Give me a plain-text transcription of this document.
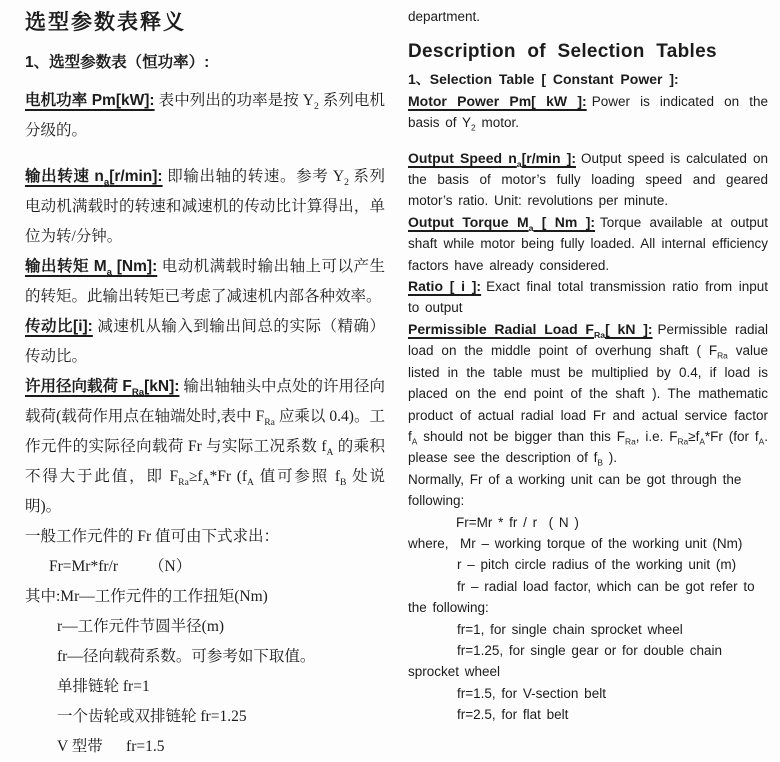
选型参数表释义
1、选型参数表（恒功率）:

电机功率 Pm[kW]: 表中列出的功率是按 $Y_2$ 系列电机分级的。

输出转速 $n_a[r/\min]$: 即输出轴的转速。参考 $Y_2$ 系列电动机满载时的转速和减速机的传动比计算得出，单位为转/分钟。

输出转矩 $M_a$ [Nm]: 电动机满载时输出轴上可以产生的转矩。此输出转矩已考虑了减速机内部各种效率。

传动比[i]: 减速机从输入到输出间总的实际（精确）传动比。

许用径向载荷 $F_{Ra}[kN]$: 输出轴轴头中点处的许用径向载荷(载荷作用点在轴端处时,表中 $F_{Ra}$ 应乘以 0.4)。工作元件的实际径向载荷 Fr 与实际工况系数 $f_A$ 的乘积不得大于此值，即 $F_{Ra}\ge f_A*Fr$ ($f_A$ 值可参照 $f_B$ 处说明)。

一般工作元件的 Fr 值可由下式求出：

Fr=Mr*fr/r        （N）

其中:Mr—工作元件的工作扭矩(Nm)

r—工作元件节圆半径(m)

fr—径向载荷系数。可参考如下取值。

单排链轮 fr=1

一个齿轮或双排链轮 fr=1.25

V 型带      fr=1.5

department.

Description of Selection Tables
1、Selection Table [ Constant Power ]:

Motor Power Pm[ kW ]: Power is indicated on the basis of $Y_2$ motor.

Output Speed $n_a[r/\min$ ]: Output speed is calculated on the basis of motor’s fully loading speed and geared motor’s ratio. Unit: revolutions per minute.

Output Torque $M_a$ [ Nm ]: Torque available at output shaft while motor being fully loaded. All internal efficiency factors have already considered.

Ratio [ i ]: Exact final total transmission ratio from input to output

Permissible Radial Load $F_{Ra}$[ kN ]: Permissible radial load on the middle point of overhung shaft ( $F_{Ra}$ value listed in the table must be multiplied by 0.4, if load is placed on the end point of the shaft ). The mathematic product of actual radial load Fr and actual service factor $f_A$ should not be bigger than this $F_{Ra}$, i.e. $F_{Ra}\ge f_A*Fr$ (for $f_A$. please see the description of $f_B$ ).

Normally, Fr of a working unit can be got through the following:

Fr=Mr * fr / r  ( N )

where,  Mr – working torque of the working unit (Nm)

r – pitch circle radius of the working unit (m)

fr – radial load factor, which can be got refer to the following:

fr=1, for single chain sprocket wheel

fr=1.25, for single gear or for double chain sprocket wheel

fr=1.5, for V-section belt

fr=2.5, for flat belt
